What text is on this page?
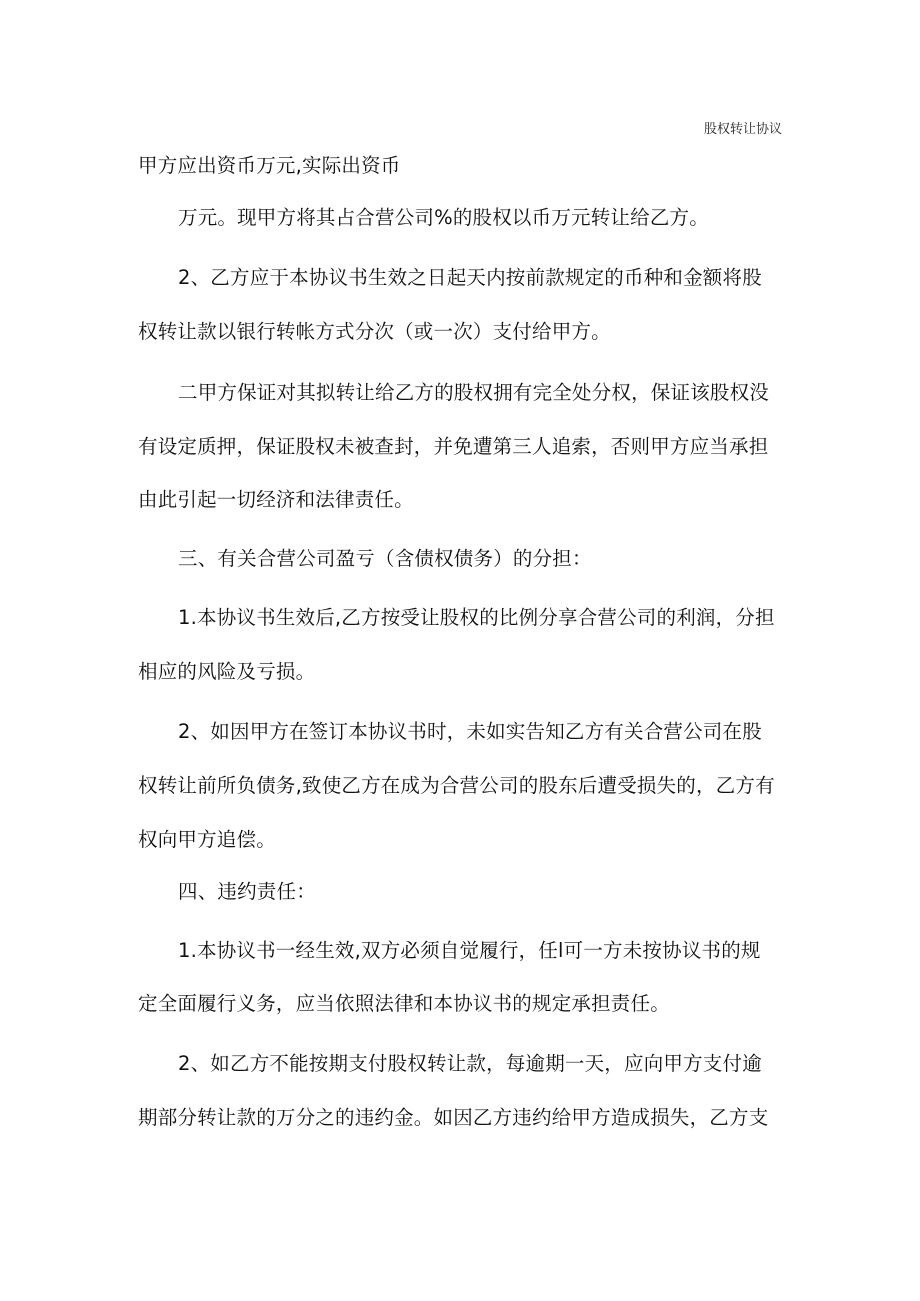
股权转让协议
甲方应出资币万元,实际出资币
万元。现甲方将其占合营公司%的股权以币万元转让给乙方。
2、乙方应于本协议书生效之日起天内按前款规定的币种和金额将股
权转让款以银行转帐方式分次（或一次）支付给甲方。
二甲方保证对其拟转让给乙方的股权拥有完全处分权，保证该股权没
有设定质押，保证股权未被查封，并免遭第三人追索，否则甲方应当承担
由此引起一切经济和法律责任。
三、有关合营公司盈亏（含债权债务）的分担：
1.本协议书生效后,乙方按受让股权的比例分享合营公司的利润，分担
相应的风险及亏损。
2、如因甲方在签订本协议书时，未如实告知乙方有关合营公司在股
权转让前所负债务,致使乙方在成为合营公司的股东后遭受损失的，乙方有
权向甲方追偿。
四、违约责任：
1.本协议书一经生效,双方必须自觉履行，任l可一方未按协议书的规
定全面履行义务，应当依照法律和本协议书的规定承担责任。
2、如乙方不能按期支付股权转让款，每逾期一天，应向甲方支付逾
期部分转让款的万分之的违约金。如因乙方违约给甲方造成损失，乙方支
